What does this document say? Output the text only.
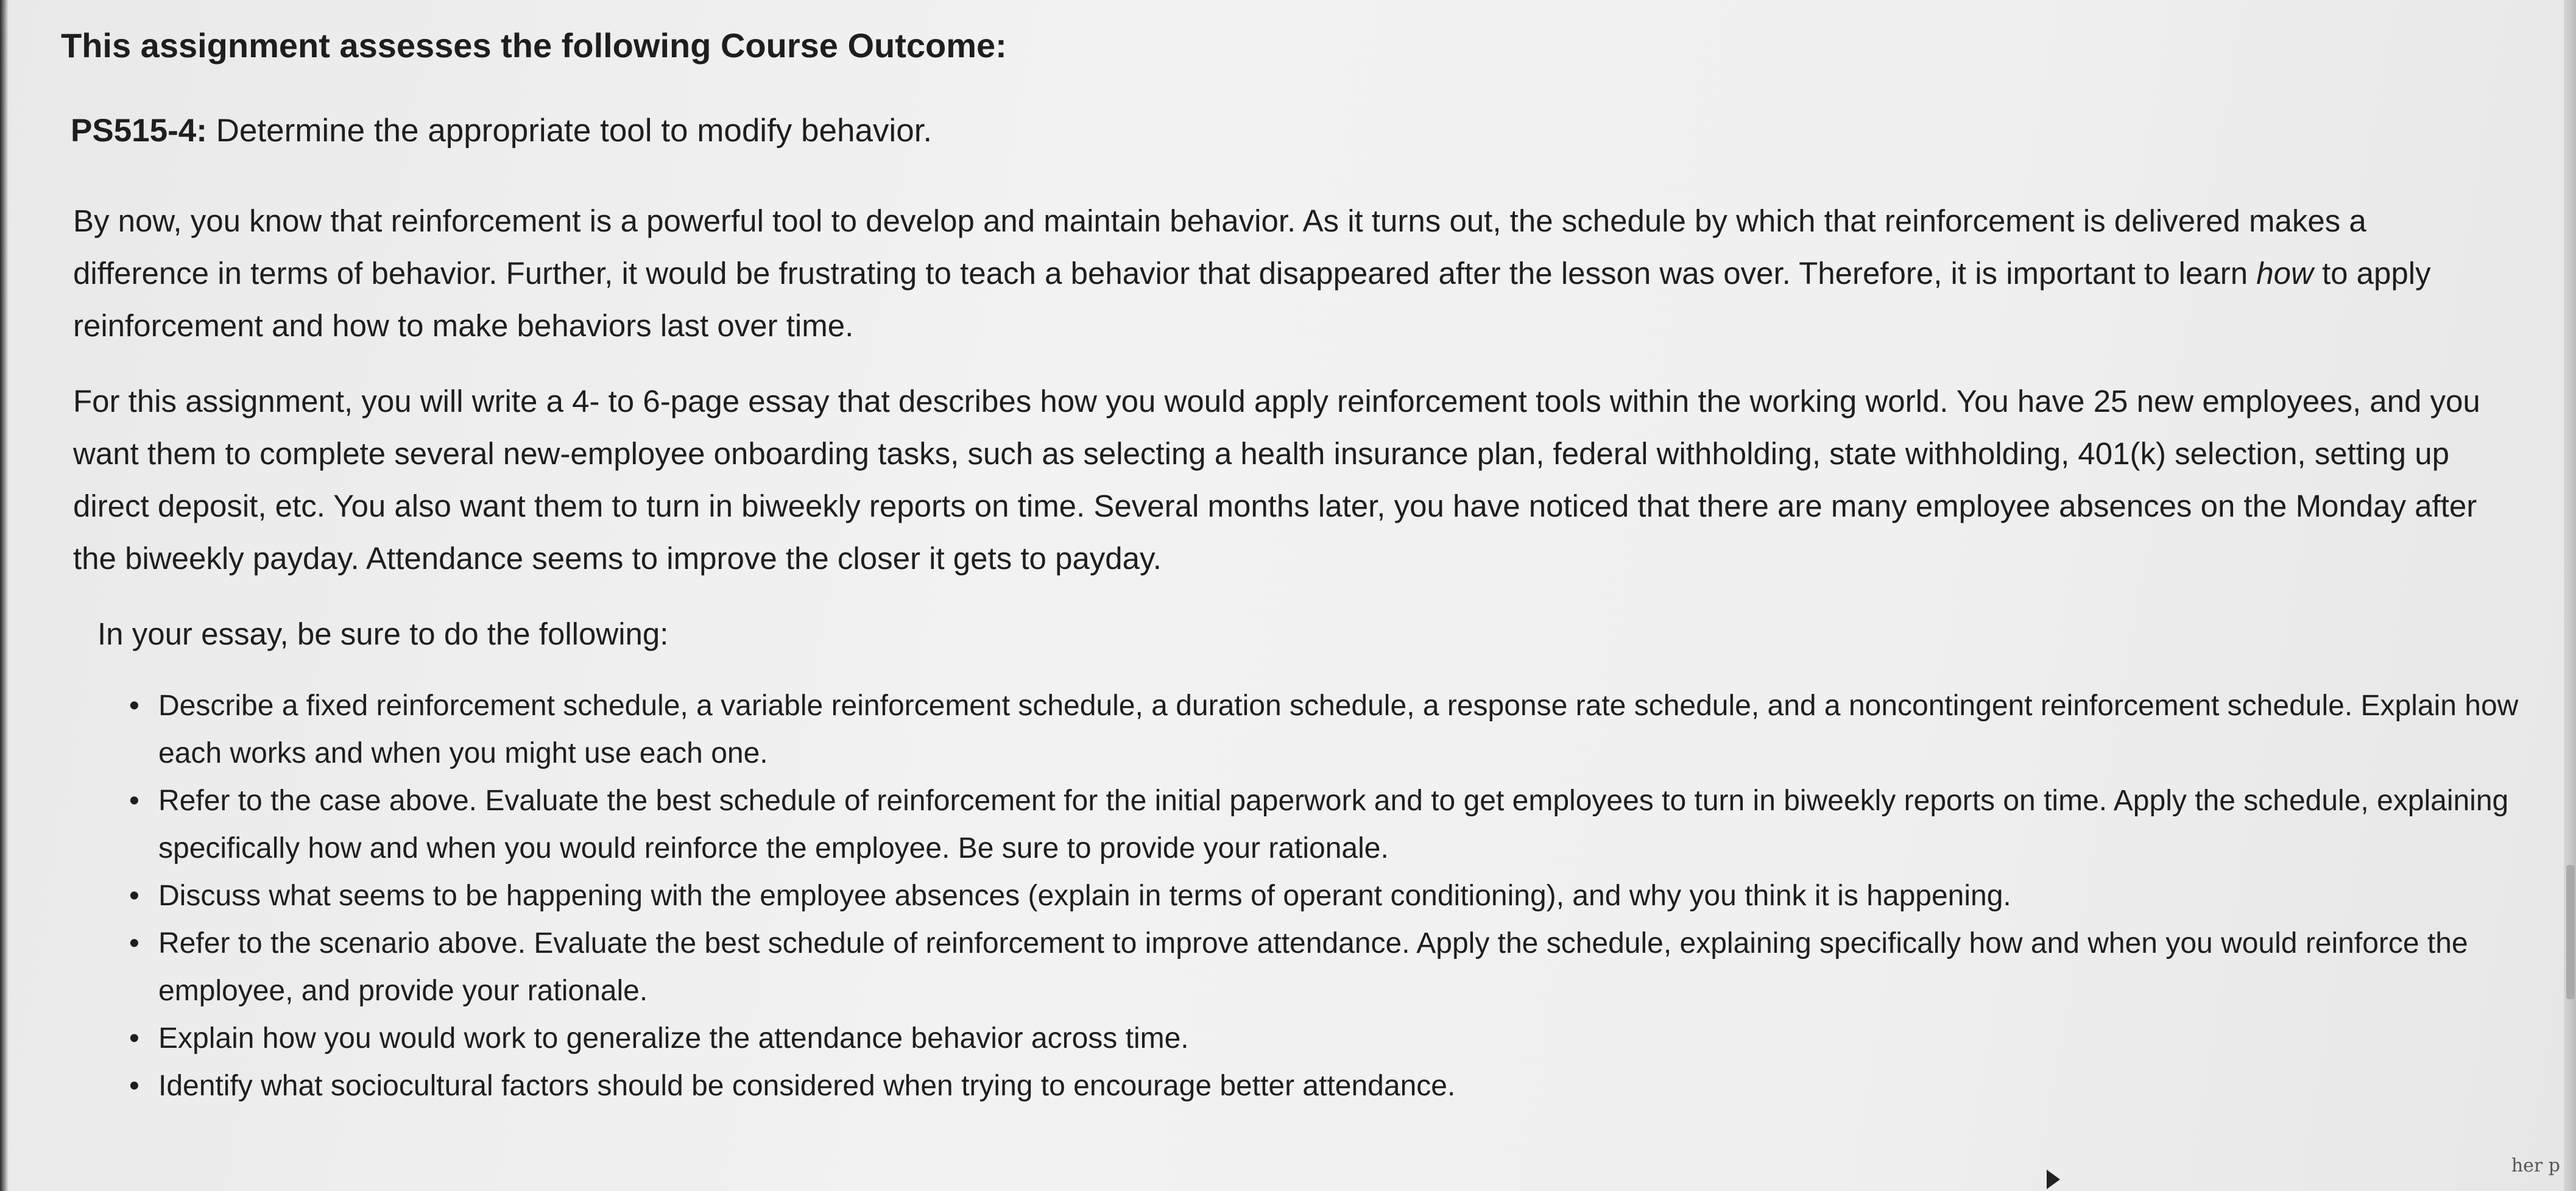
This assignment assesses the following Course Outcome:
PS515-4: Determine the appropriate tool to modify behavior.

By now, you know that reinforcement is a powerful tool to develop and maintain behavior. As it turns out, the schedule by which that reinforcement is delivered makes a difference in terms of behavior. Further, it would be frustrating to teach a behavior that disappeared after the lesson was over. Therefore, it is important to learn how to apply reinforcement and how to make behaviors last over time.

For this assignment, you will write a 4- to 6-page essay that describes how you would apply reinforcement tools within the working world. You have 25 new employees, and you want them to complete several new-employee onboarding tasks, such as selecting a health insurance plan, federal withholding, state withholding, 401(k) selection, setting up direct deposit, etc. You also want them to turn in biweekly reports on time. Several months later, you have noticed that there are many employee absences on the Monday after the biweekly payday. Attendance seems to improve the closer it gets to payday.

In your essay, be sure to do the following:

• Describe a fixed reinforcement schedule, a variable reinforcement schedule, a duration schedule, a response rate schedule, and a noncontingent reinforcement schedule. Explain how each works and when you might use each one.
• Refer to the case above. Evaluate the best schedule of reinforcement for the initial paperwork and to get employees to turn in biweekly reports on time. Apply the schedule, explaining specifically how and when you would reinforce the employee. Be sure to provide your rationale.
• Discuss what seems to be happening with the employee absences (explain in terms of operant conditioning), and why you think it is happening.
• Refer to the scenario above. Evaluate the best schedule of reinforcement to improve attendance. Apply the schedule, explaining specifically how and when you would reinforce the employee, and provide your rationale.
• Explain how you would work to generalize the attendance behavior across time.
• Identify what sociocultural factors should be considered when trying to encourage better attendance.
her p
